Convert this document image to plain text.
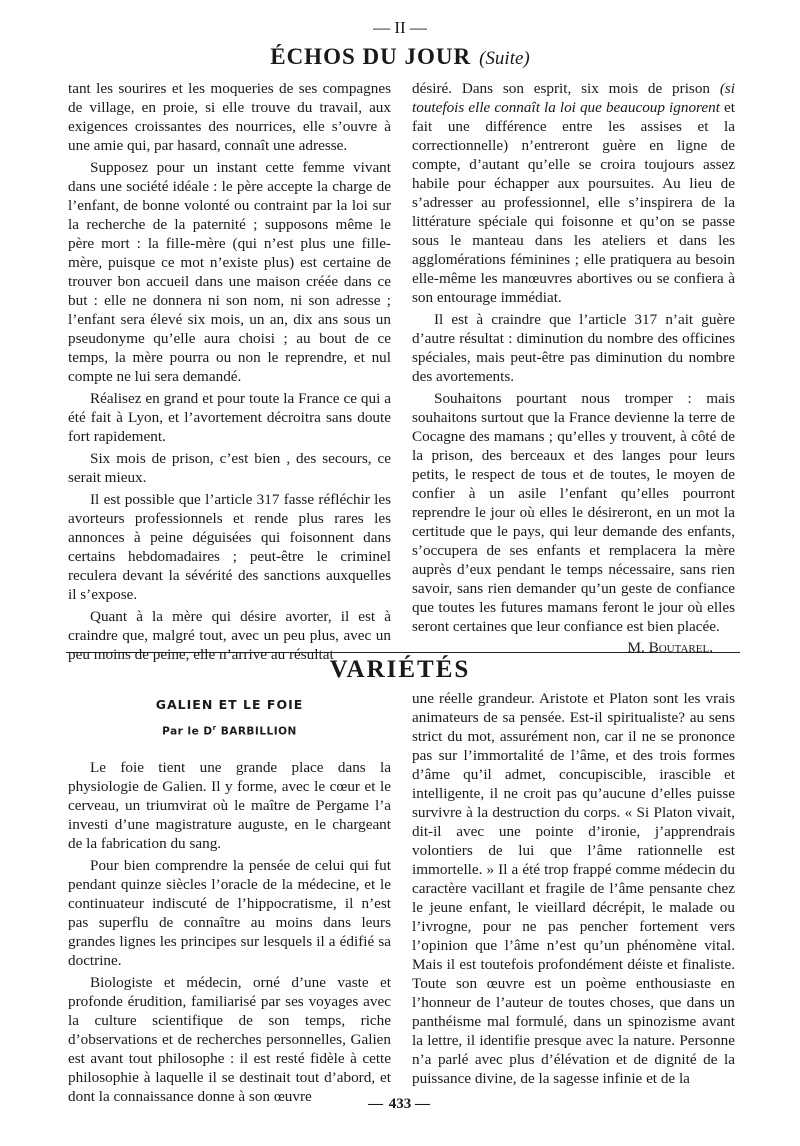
— II —
ÉCHOS DU JOUR (Suite)

tant les sourires et les moqueries de ses compagnes de village, en proie, si elle trouve du travail, aux exigences croissantes des nourrices, elle s’ouvre à une amie qui, par hasard, connaît une adresse.

Supposez pour un instant cette femme vivant dans une société idéale : le père accepte la charge de l’enfant, de bonne volonté ou contraint par la loi sur la recherche de la paternité ; supposons même le père mort : la fille-mère (qui n’est plus une fille-mère, puisque ce mot n’existe plus) est certaine de trouver bon accueil dans une maison créée dans ce but : elle ne donnera ni son nom, ni son adresse ; l’enfant sera élevé six mois, un an, dix ans sous un pseudonyme qu’elle aura choisi ; au bout de ce temps, la mère pourra ou non le reprendre, et nul compte ne lui sera demandé.

Réalisez en grand et pour toute la France ce qui a été fait à Lyon, et l’avortement décroitra sans doute fort rapidement.

Six mois de prison, c’est bien , des secours, ce serait mieux.

Il est possible que l’article 317 fasse réfléchir les avorteurs professionnels et rende plus rares les annonces à peine déguisées qui foisonnent dans certains hebdomadaires ; peut-être le criminel reculera devant la sévérité des sanctions auxquelles il s’expose.

Quant à la mère qui désire avorter, il est à craindre que, malgré tout, avec un peu plus, avec un peu moins de peine, elle n’arrive au résultat

désiré. Dans son esprit, six mois de prison (si toutefois elle connaît la loi que beaucoup ignorent et fait une différence entre les assises et la correctionnelle) n’entreront guère en ligne de compte, d’autant qu’elle se croira toujours assez habile pour échapper aux poursuites. Au lieu de s’adresser au professionnel, elle s’inspirera de la littérature spéciale qui foisonne et qu’on se passe sous le manteau dans les ateliers et dans les agglomérations féminines ; elle pratiquera au besoin elle-même les manœuvres abortives ou se confiera à son entourage immédiat.

Il est à craindre que l’article 317 n’ait guère d’autre résultat : diminution du nombre des officines spéciales, mais peut-être pas diminution du nombre des avortements.

Souhaitons pourtant nous tromper : mais souhaitons surtout que la France devienne la terre de Cocagne des mamans ; qu’elles y trouvent, à côté de la prison, des berceaux et des langes pour leurs petits, le respect de tous et de toutes, le moyen de confier à un asile l’enfant qu’elles pourront reprendre le jour où elles le désireront, en un mot la certitude que le pays, qui leur demande des enfants, s’occupera de ses enfants et remplacera la mère auprès d’eux pendant le temps nécessaire, sans rien savoir, sans rien demander qu’un geste de confiance que toutes les futures mamans feront le jour où elles seront certaines que leur confiance est bien placée.

M. Boutarel.
VARIÉTÉS
GALIEN ET LE FOIE
Par le $D^r$ BARBILLION

Le foie tient une grande place dans la physiologie de Galien. Il y forme, avec le cœur et le cerveau, un triumvirat où le maître de Pergame l’a investi d’une magistrature auguste, en le chargeant de la fabrication du sang.

Pour bien comprendre la pensée de celui qui fut pendant quinze siècles l’oracle de la médecine, et le continuateur indiscuté de l’hippocratisme, il n’est pas superflu de connaître au moins dans leurs grandes lignes les principes sur lesquels il a édifié sa doctrine.

Biologiste et médecin, orné d’une vaste et profonde érudition, familiarisé par ses voyages avec la culture scientifique de son temps, riche d’observations et de recherches personnelles, Galien est avant tout philosophe : il est resté fidèle à cette philosophie à laquelle il se destinait tout d’abord, et dont la connaissance donne à son œuvre

une réelle grandeur. Aristote et Platon sont les vrais animateurs de sa pensée. Est-il spiritualiste? au sens strict du mot, assurément non, car il ne se prononce pas sur l’immortalité de l’âme, et des trois formes d’âme qu’il admet, concupiscible, irascible et intelligente, il ne croit pas qu’aucune d’elles puisse survivre à la destruction du corps. « Si Platon vivait, dit-il avec une pointe d’ironie, j’apprendrais volontiers de lui que l’âme rationnelle est immortelle. » Il a été trop frappé comme médecin du caractère vacillant et fragile de l’âme pensante chez le jeune enfant, le vieillard décrépit, le malade ou l’ivrogne, pour ne pas pencher fortement vers l’opinion que l’âme n’est qu’un phénomène vital. Mais il est toutefois profondément déiste et finaliste. Toute son œuvre est un poème enthousiaste en l’honneur de l’auteur de toutes choses, que dans un panthéisme mal formulé, dans un spinozisme avant la lettre, il identifie presque avec la nature. Personne n’a parlé avec plus d’élévation et de dignité de la puissance divine, de la sagesse infinie et de la

— 433 —
